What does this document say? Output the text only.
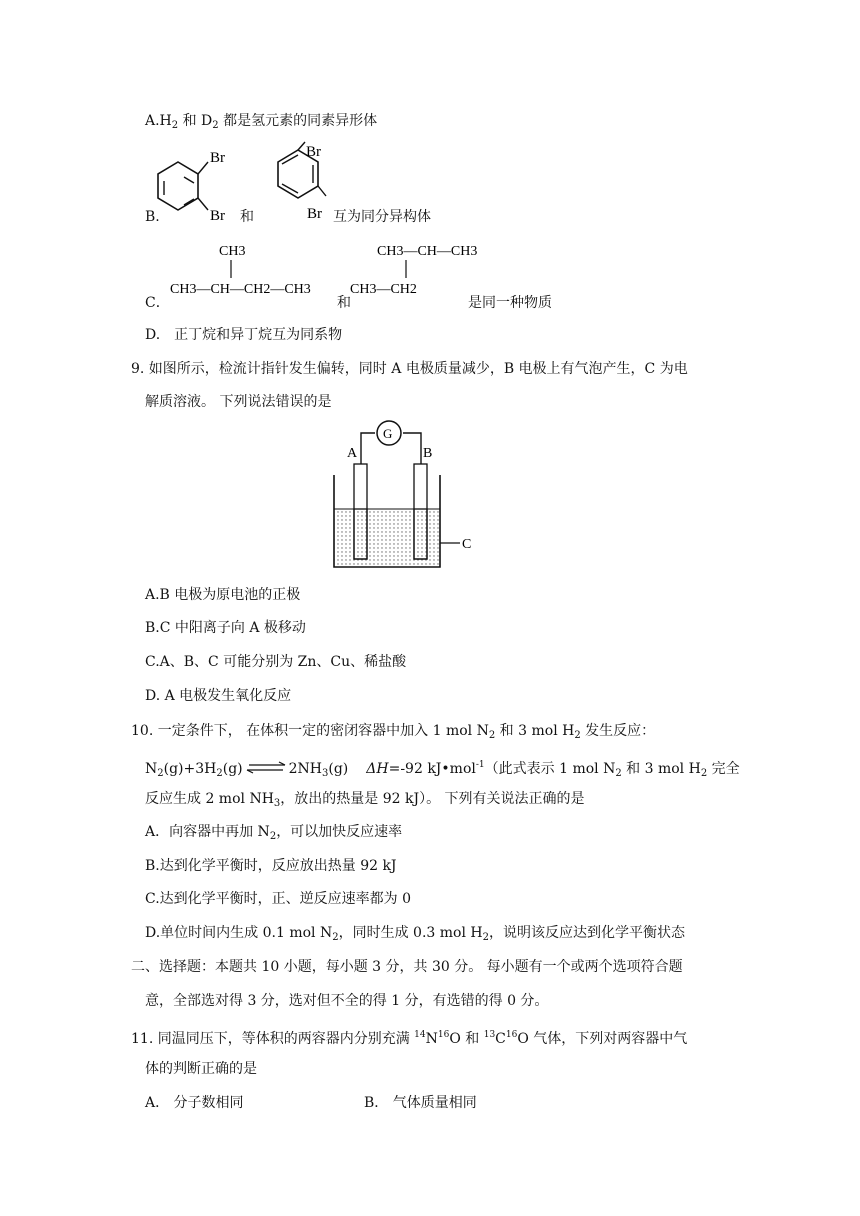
$A.H_2$ 和 $D_2$ 都是氢元素的同素异形体
B.
Br
Br
Br
Br
和	互为同分异构体
C．
CH3
CH3—CH—CH2—CH3
CH3—CH—CH3
CH3—CH2
和	是同一种物质
D.　正丁烷和异丁烷互为同系物
9. 如图所示，检流计指针发生偏转，同时 A 电极质量减少，B 电极上有气泡产生，C 为电
解质溶液。 下列说法错误的是
G
A	B
C
A.B 电极为原电池的正极
B.C 中阳离子向 A 极移动
C.A、B、C 可能分别为 Zn、Cu、稀盐酸
D. A 电极发生氧化反应
10. 一定条件下， 在体积一定的密闭容器中加入 1 mol $N_2$ 和 3 mol $H_2$ 发生反应：
$N_2(g)+3H_2(g)$ ⇌ $2NH_3(g)$ ΔH=-92 kJ•mol$^{-1}$（此式表示 1 mol $N_2$ 和 3 mol $H_2$ 完全
反应生成 2 mol $NH_3$，放出的热量是 92 kJ）。 下列有关说法正确的是
A．向容器中再加 $N_2$，可以加快反应速率
B.达到化学平衡时，反应放出热量 92 kJ
C.达到化学平衡时，正、逆反应速率都为 0
D.单位时间内生成 0.1 mol $N_2$，同时生成 0.3 mol $H_2$，说明该反应达到化学平衡状态
二、选择题：本题共 10 小题，每小题 3 分，共 30 分。 每小题有一个或两个选项符合题
意，全部选对得 3 分，选对但不全的得 1 分，有选错的得 0 分。
11. 同温同压下，等体积的两容器内分别充满 $^{14}N^{16}O$ 和 $^{13}C^{16}O$ 气体，下列对两容器中气
体的判断正确的是
A． 分子数相同	B． 气体质量相同
